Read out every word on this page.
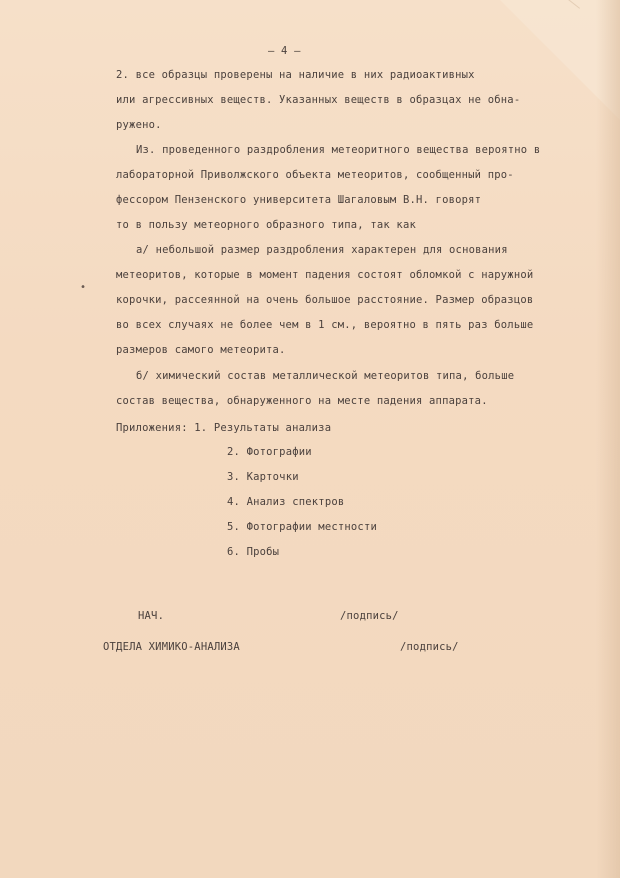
— 4 —
2. все образцы проверены на наличие в них радиоактивных
или агрессивных веществ. Указанных веществ в образцах не обна-
ружено.
Из. проведенного раздробления метеоритного вещества вероятно в
лабораторной Приволжского объекта метеоритов, сообщенный про-
фессором Пензенского университета Шагаловым В.Н. говорят
то в пользу метеорного образного типа, так как
а/ небольшой размер раздробления характерен для основания
метеоритов, которые в момент падения состоят обломкой с наружной
корочки, рассеянной на очень большое расстояние. Размер образцов
во всех случаях не более чем в 1 см., вероятно в пять раз больше
размеров самого метеорита.
б/ химический состав металлической метеоритов типа, больше
состав вещества, обнаруженного на месте падения аппарата.
•
Приложения: 1. Результаты анализа
2. Фотографии
3. Карточки
4. Анализ спектров
5. Фотографии местности
6. Пробы
НАЧ.	/подпись/
ОТДЕЛА ХИМИКО-АНАЛИЗА	/подпись/
